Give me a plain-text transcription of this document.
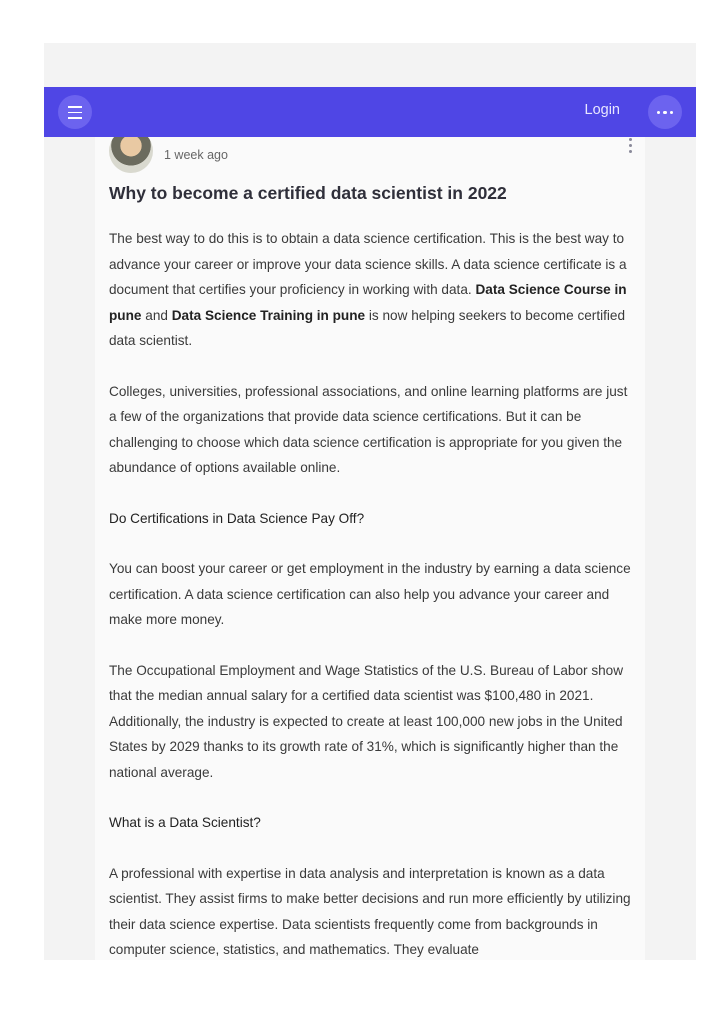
1 week ago
Why to become a certified data scientist in 2022

The best way to do this is to obtain a data science certification. This is the best way to advance your career or improve your data science skills. A data science certificate is a document that certifies your proficiency in working with data. Data Science Course in pune and Data Science Training in pune is now helping seekers to become certified data scientist.

Colleges, universities, professional associations, and online learning platforms are just a few of the organizations that provide data science certifications. But it can be challenging to choose which data science certification is appropriate for you given the abundance of options available online.

Do Certifications in Data Science Pay Off?

You can boost your career or get employment in the industry by earning a data science certification. A data science certification can also help you advance your career and make more money.

The Occupational Employment and Wage Statistics of the U.S. Bureau of Labor show that the median annual salary for a certified data scientist was $100,480 in 2021. Additionally, the industry is expected to create at least 100,000 new jobs in the United States by 2029 thanks to its growth rate of 31%, which is significantly higher than the national average.

What is a Data Scientist?

A professional with expertise in data analysis and interpretation is known as a data scientist. They assist firms to make better decisions and run more efficiently by utilizing their data science expertise. Data scientists frequently come from backgrounds in computer science, statistics, and mathematics. They evaluate

Login
